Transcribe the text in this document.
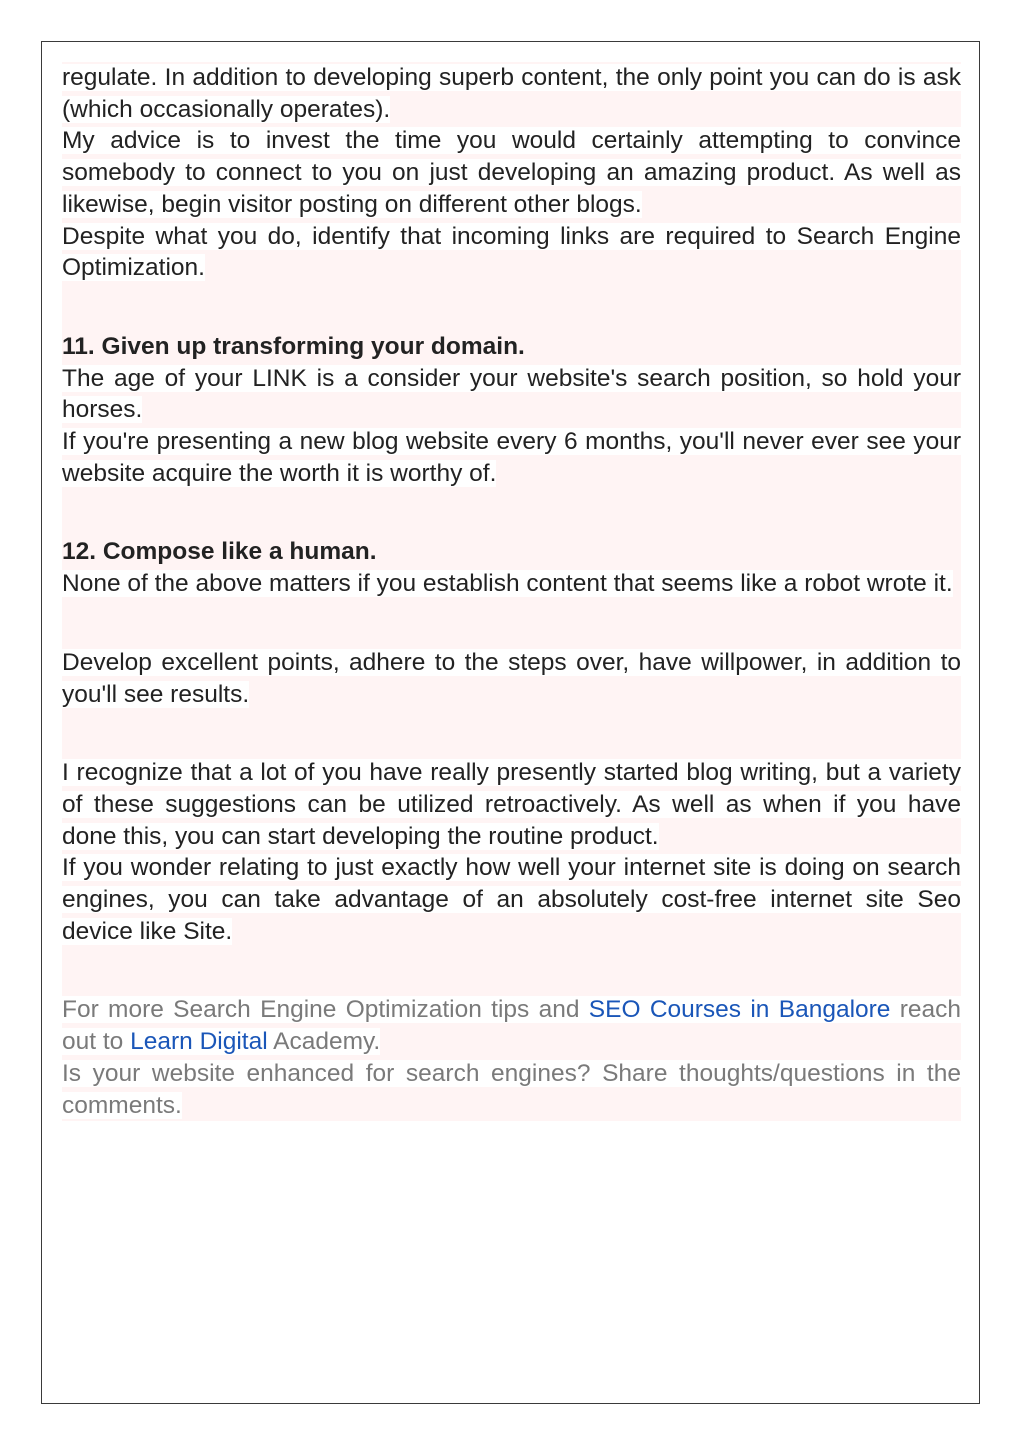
regulate. In addition to developing superb content, the only point you can do is ask (which occasionally operates).

My advice is to invest the time you would certainly attempting to convince somebody to connect to you on just developing an amazing product. As well as likewise, begin visitor posting on different other blogs.

Despite what you do, identify that incoming links are required to Search Engine Optimization.

11. Given up transforming your domain.

The age of your LINK is a consider your website's search position, so hold your horses.

If you're presenting a new blog website every 6 months, you'll never ever see your website acquire the worth it is worthy of.

12. Compose like a human.

None of the above matters if you establish content that seems like a robot wrote it.

Develop excellent points, adhere to the steps over, have willpower, in addition to you'll see results.

I recognize that a lot of you have really presently started blog writing, but a variety of these suggestions can be utilized retroactively. As well as when if you have done this, you can start developing the routine product.

If you wonder relating to just exactly how well your internet site is doing on search engines, you can take advantage of an absolutely cost-free internet site Seo device like Site.

For more Search Engine Optimization tips and SEO Courses in Bangalore reach out to Learn Digital Academy.

Is your website enhanced for search engines? Share thoughts/questions in the comments.
